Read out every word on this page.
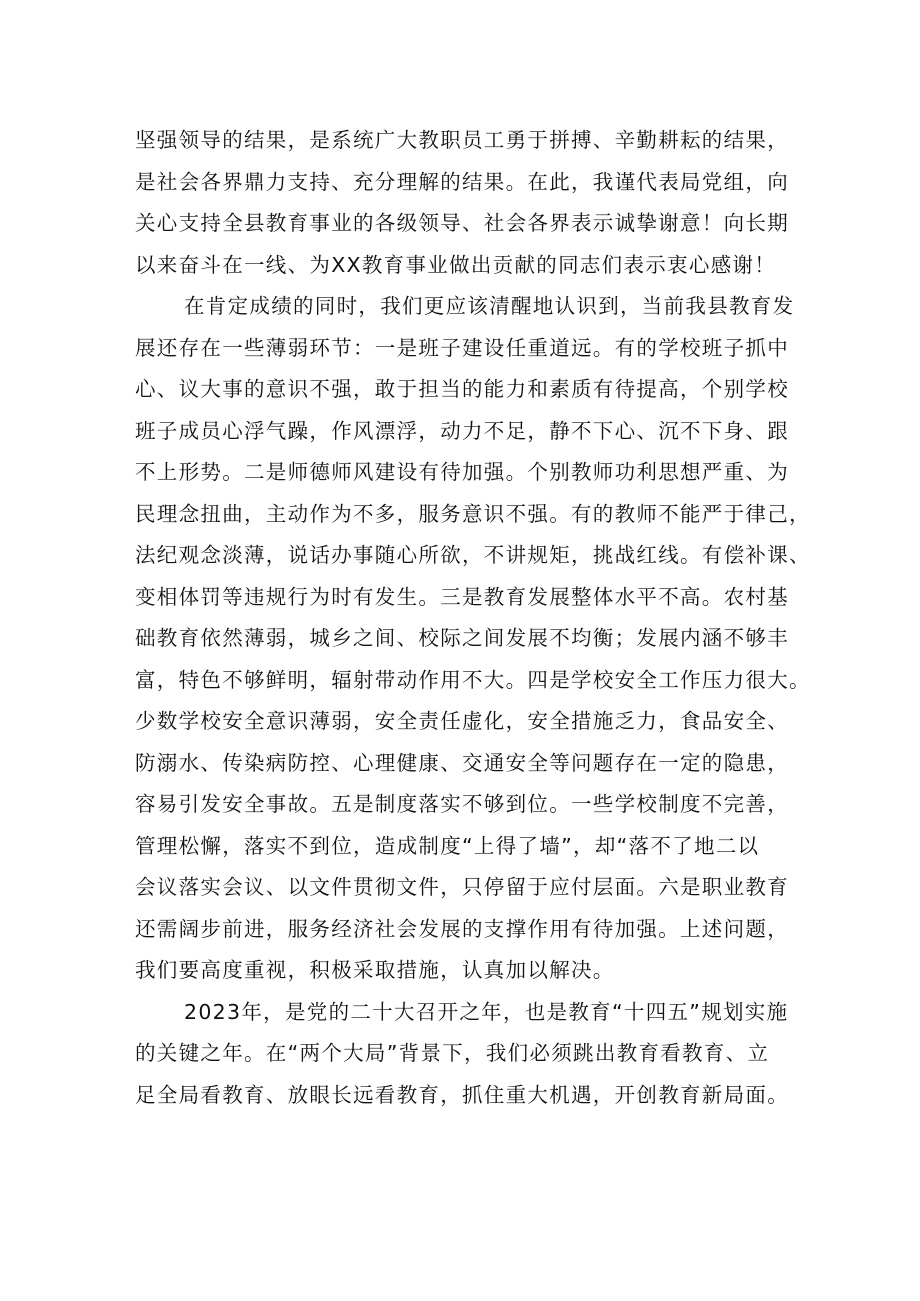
坚强领导的结果，是系统广大教职员工勇于拼搏、辛勤耕耘的结果，
是社会各界鼎力支持、充分理解的结果。在此，我谨代表局党组，向
关心支持全县教育事业的各级领导、社会各界表示诚挚谢意！向长期
以来奋斗在一线、为XX教育事业做出贡献的同志们表示衷心感谢！
在肯定成绩的同时，我们更应该清醒地认识到，当前我县教育发
展还存在一些薄弱环节：一是班子建设任重道远。有的学校班子抓中
心、议大事的意识不强，敢于担当的能力和素质有待提高，个别学校
班子成员心浮气躁，作风漂浮，动力不足，静不下心、沉不下身、跟
不上形势。二是师德师风建设有待加强。个别教师功利思想严重、为
民理念扭曲，主动作为不多，服务意识不强。有的教师不能严于律己，
法纪观念淡薄，说话办事随心所欲，不讲规矩，挑战红线。有偿补课、
变相体罚等违规行为时有发生。三是教育发展整体水平不高。农村基
础教育依然薄弱，城乡之间、校际之间发展不均衡；发展内涵不够丰
富，特色不够鲜明，辐射带动作用不大。四是学校安全工作压力很大。
少数学校安全意识薄弱，安全责任虚化，安全措施乏力，食品安全、
防溺水、传染病防控、心理健康、交通安全等问题存在一定的隐患，
容易引发安全事故。五是制度落实不够到位。一些学校制度不完善，
管理松懈，落实不到位，造成制度“上得了墙”，却“落不了地二以
会议落实会议、以文件贯彻文件，只停留于应付层面。六是职业教育
还需阔步前进，服务经济社会发展的支撑作用有待加强。上述问题，
我们要高度重视，积极采取措施，认真加以解决。
2023年，是党的二十大召开之年，也是教育“十四五”规划实施
的关键之年。在“两个大局”背景下，我们必须跳出教育看教育、立
足全局看教育、放眼长远看教育，抓住重大机遇，开创教育新局面。
